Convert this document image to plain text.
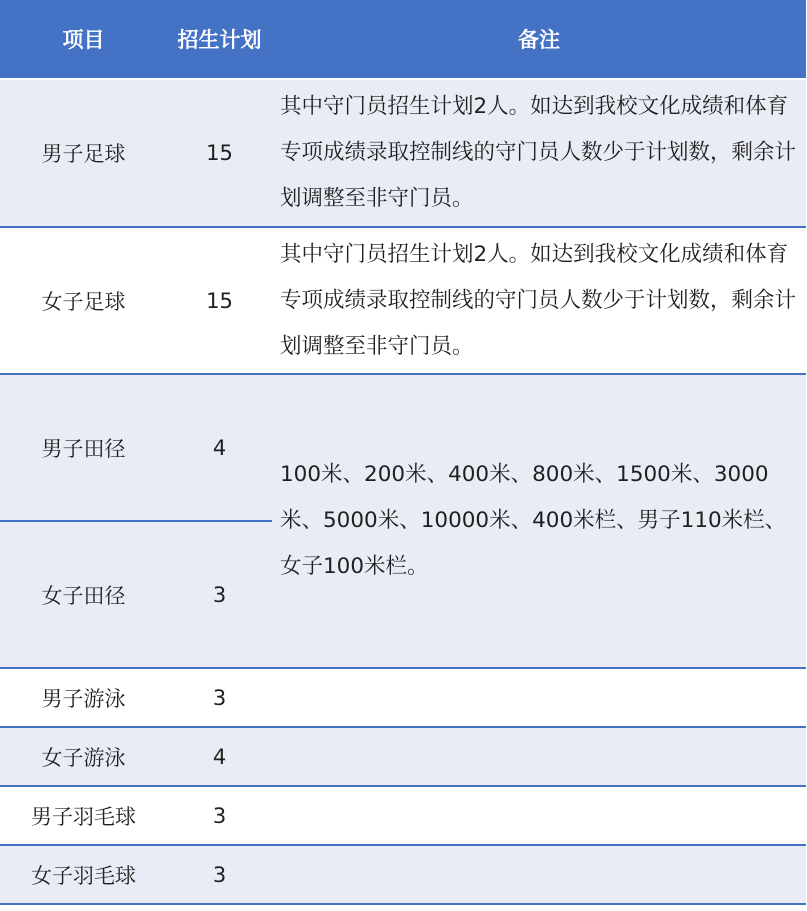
项目	招生计划	备注
男子足球	15	其中守门员招生计划2人。如达到我校文化成绩和体育专项成绩录取控制线的守门员人数少于计划数，剩余计划调整至非守门员。
女子足球	15	其中守门员招生计划2人。如达到我校文化成绩和体育专项成绩录取控制线的守门员人数少于计划数，剩余计划调整至非守门员。
男子田径	4	100米、200米、400米、800米、1500米、3000米、5000米、10000米、400米栏、男子110米栏、女子100米栏。
女子田径	3	
男子游泳	3	
女子游泳	4	
男子羽毛球	3	
女子羽毛球	3	
